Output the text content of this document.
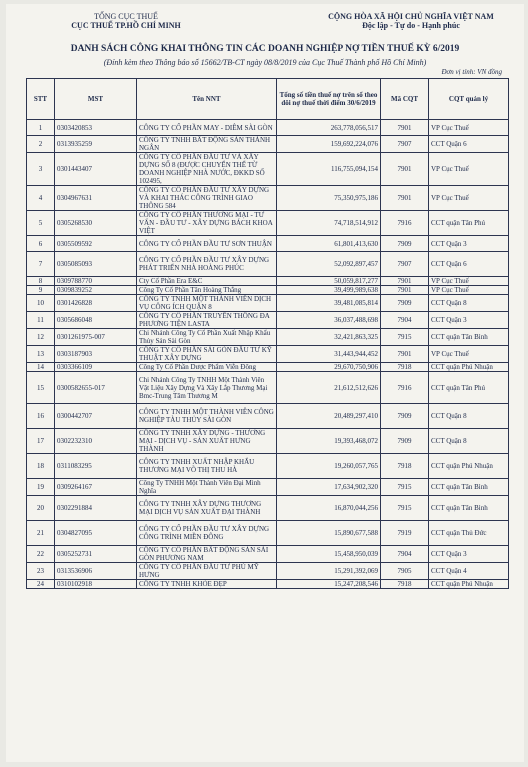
TỔNG CỤC THUẾ
CỤC THUẾ TP.HỒ CHÍ MINH
CỘNG HÒA XÃ HỘI CHỦ NGHĨA VIỆT NAM
Độc lập - Tự do - Hạnh phúc
DANH SÁCH CÔNG KHAI THÔNG TIN CÁC DOANH NGHIỆP NỢ TIỀN THUẾ KỲ 6/2019
(Đính kèm theo Thông báo số 15662/TB-CT ngày 08/8/2019 của Cục Thuế Thành phố Hồ Chí Minh)
Đơn vị tính: VN đồng
STT	MST	Tên NNT	Tổng số tiền thuế nợ trên sổ theo dõi nợ thuế thời điểm 30/6/2019	Mã CQT	CQT quản lý
1	0303420853	CÔNG TY CỔ PHẦN MAY - DIÊM SÀI GÒN	263,778,056,517	7901	VP Cục Thuế
2	0313935259	CÔNG TY TNHH BẤT ĐỘNG SẢN THÀNH NGÂN	159,692,224,076	7907	CCT Quận 6
3	0301443407	CÔNG TY CỔ PHẦN ĐẦU TƯ VÀ XÂY DỰNG SỐ 8 (ĐƯỢC CHUYỂN THỂ TỪ DOANH NGHIỆP NHÀ NƯỚC, ĐKKD SỐ 102495,	116,755,094,154	7901	VP Cục Thuế
4	0304967631	CÔNG TY CỔ PHẦN ĐẦU TƯ XÂY DỰNG VÀ KHAI THÁC CÔNG TRÌNH GIAO THÔNG 584	75,350,975,186	7901	VP Cục Thuế
5	0305268530	CÔNG TY CỔ PHẦN THƯƠNG MẠI - TƯ VẤN - ĐẦU TƯ - XÂY DỰNG BÁCH KHOA VIỆT	74,718,514,912	7916	CCT quận Tân Phú
6	0305509592	CÔNG TY CỔ PHẦN ĐẦU TƯ SƠN THUẬN	61,801,413,630	7909	CCT Quận 3
7	0305085093	CÔNG TY CỔ PHẦN ĐẦU TƯ XÂY DỰNG PHÁT TRIỂN NHÀ HOÀNG PHÚC	52,092,897,457	7907	CCT Quận 6
8	0309788770	Cty Cổ Phần Era E&C	50,059,817,277	7901	VP Cục Thuế
9	0309839252	Công Ty Cổ Phần Tân Hoàng Thắng	39,499,989,638	7901	VP Cục Thuế
10	0301426828	CÔNG TY TNHH MỘT THÀNH VIÊN DỊCH VỤ CÔNG ÍCH QUẬN 8	39,481,085,814	7909	CCT Quận 8
11	0305686048	CÔNG TY CỔ PHẦN TRUYỀN THÔNG ĐA PHƯƠNG TIỆN LASTA	36,037,488,698	7904	CCT Quận 3
12	0301261975-007	Chi Nhánh Công Ty Cổ Phần Xuất Nhập Khẩu Thủy Sản Sài Gòn	32,421,863,325	7915	CCT quận Tân Bình
13	0303187903	CÔNG TY CỔ PHẦN SÀI GÒN ĐẦU TƯ KỸ THUẬT XÂY DỰNG	31,443,944,452	7901	VP Cục Thuế
14	0303366109	Công Ty Cổ Phần Dược Phẩm Viễn Đông	29,670,750,906	7918	CCT quận Phú Nhuận
15	0300582655-017	Chi Nhánh Công Ty TNHH Một Thành Viên Vật Liệu Xây Dựng Và Xây Lắp Thương Mại Bmc-Trung Tâm Thương M	21,612,512,626	7916	CCT quận Tân Phú
16	0300442707	CÔNG TY TNHH MỘT THÀNH VIÊN CÔNG NGHIỆP TÀU THỦY SÀI GÒN	20,489,297,410	7909	CCT Quận 8
17	0302232310	CÔNG TY TNHH XÂY DỰNG - THƯƠNG MẠI - DỊCH VỤ - SẢN XUẤT HƯNG THÀNH	19,393,468,072	7909	CCT Quận 8
18	0311083295	CÔNG TY TNHH XUẤT NHẬP KHẨU THƯƠNG MẠI VÕ THỊ THU HÀ	19,260,057,765	7918	CCT quận Phú Nhuận
19	0309264167	Công Ty TNHH Một Thành Viên Đại Minh Nghĩa	17,634,902,320	7915	CCT quận Tân Bình
20	0302291884	CÔNG TY TNHH XÂY DỰNG THƯƠNG MẠI DỊCH VỤ SẢN XUẤT ĐẠI THÀNH	16,870,044,256	7915	CCT quận Tân Bình
21	0304827095	CÔNG TY CỔ PHẦN ĐẦU TƯ XÂY DỰNG CÔNG TRÌNH MIỀN ĐÔNG	15,890,677,588	7919	CCT quận Thủ Đức
22	0305252731	CÔNG TY CỔ PHẦN BẤT ĐỘNG SẢN SÀI GÒN PHƯƠNG NAM	15,458,950,039	7904	CCT Quận 3
23	0313536906	CÔNG TY CỔ PHẦN ĐẦU TƯ PHÚ MỸ HƯNG	15,291,392,069	7905	CCT Quận 4
24	0310102918	CÔNG TY TNHH KHỎE ĐẸP	15,247,208,546	7918	CCT quận Phú Nhuận
